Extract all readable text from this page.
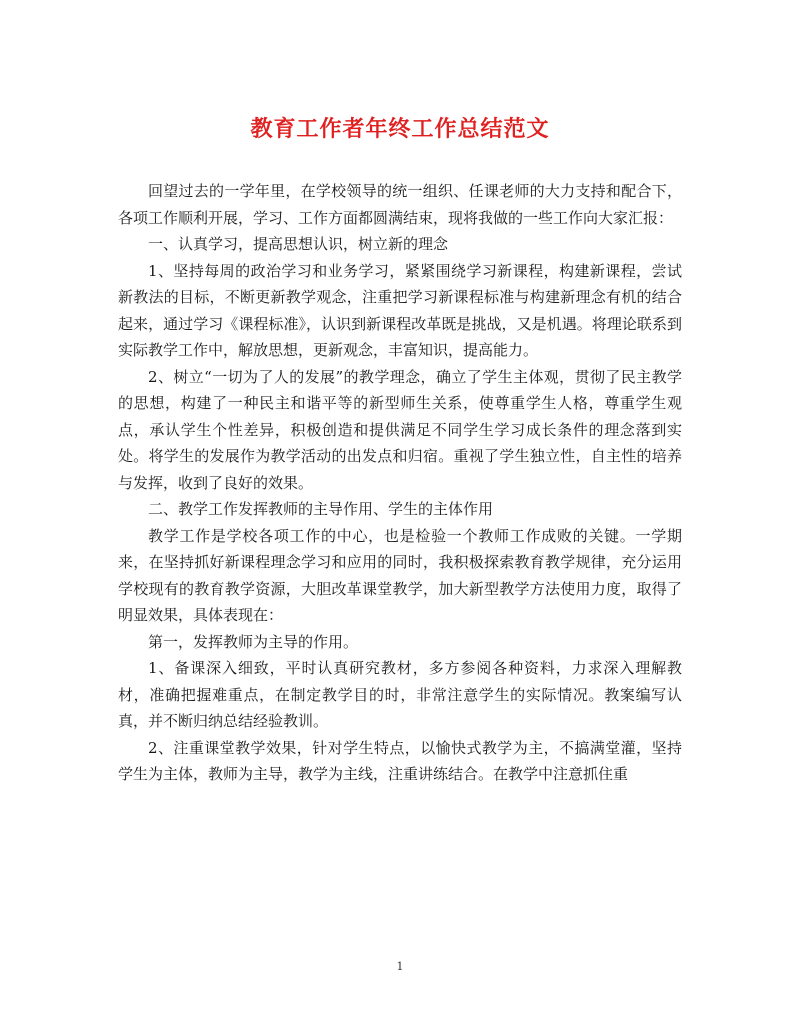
教育工作者年终工作总结范文

回望过去的一学年里，在学校领导的统一组织、任课老师的大力支持和配合下，各项工作顺利开展，学习、工作方面都圆满结束，现将我做的一些工作向大家汇报：

一、认真学习，提高思想认识，树立新的理念

1、坚持每周的政治学习和业务学习，紧紧围绕学习新课程，构建新课程，尝试新教法的目标，不断更新教学观念，注重把学习新课程标准与构建新理念有机的结合起来，通过学习《课程标准》，认识到新课程改革既是挑战，又是机遇。将理论联系到实际教学工作中，解放思想，更新观念，丰富知识，提高能力。

2、树立“一切为了人的发展”的教学理念，确立了学生主体观，贯彻了民主教学的思想，构建了一种民主和谐平等的新型师生关系，使尊重学生人格，尊重学生观点，承认学生个性差异，积极创造和提供满足不同学生学习成长条件的理念落到实处。将学生的发展作为教学活动的出发点和归宿。重视了学生独立性，自主性的培养与发挥，收到了良好的效果。

二、教学工作发挥教师的主导作用、学生的主体作用

教学工作是学校各项工作的中心，也是检验一个教师工作成败的关键。一学期来，在坚持抓好新课程理念学习和应用的同时，我积极探索教育教学规律，充分运用学校现有的教育教学资源，大胆改革课堂教学，加大新型教学方法使用力度，取得了明显效果，具体表现在：

第一，发挥教师为主导的作用。

1、备课深入细致，平时认真研究教材，多方参阅各种资料，力求深入理解教材，准确把握难重点，在制定教学目的时，非常注意学生的实际情况。教案编写认真，并不断归纳总结经验教训。

2、注重课堂教学效果，针对学生特点，以愉快式教学为主，不搞满堂灌，坚持学生为主体，教师为主导，教学为主线，注重讲练结合。在教学中注意抓住重

1
